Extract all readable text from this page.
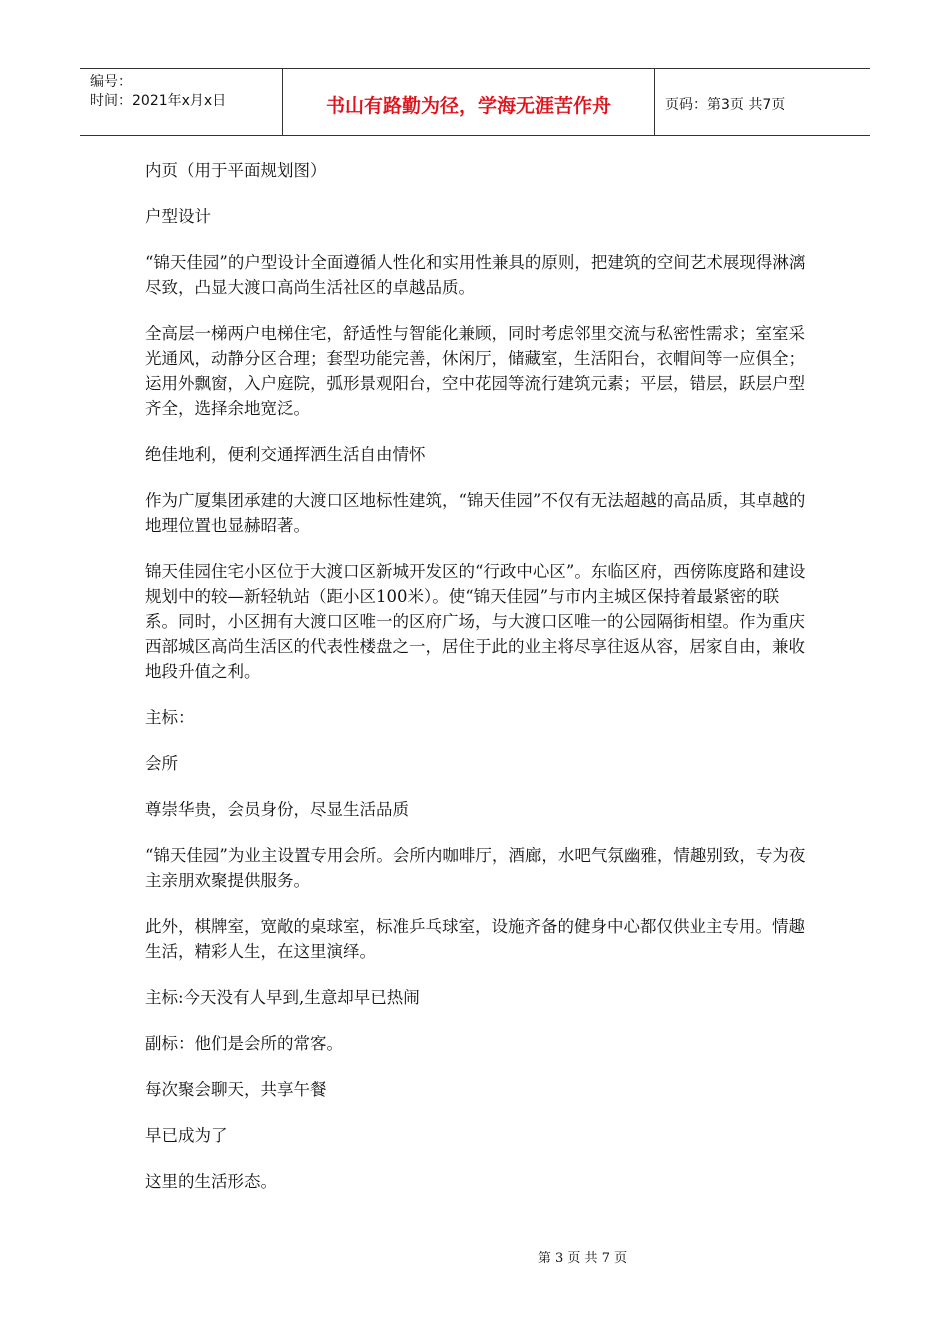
编号：
时间：2021年x月x日	书山有路勤为径，学海无涯苦作舟	页码：第3页 共7页

内页（用于平面规划图）

户型设计

“锦天佳园”的户型设计全面遵循人性化和实用性兼具的原则，把建筑的空间艺术展现得淋漓尽致，凸显大渡口高尚生活社区的卓越品质。

全高层一梯两户电梯住宅，舒适性与智能化兼顾，同时考虑邻里交流与私密性需求；室室采光通风，动静分区合理；套型功能完善，休闲厅，储藏室，生活阳台，衣帽间等一应俱全；运用外飘窗，入户庭院，弧形景观阳台，空中花园等流行建筑元素；平层，错层，跃层户型齐全，选择余地宽泛。

绝佳地利，便利交通挥洒生活自由情怀

作为广厦集团承建的大渡口区地标性建筑，“锦天佳园”不仅有无法超越的高品质，其卓越的地理位置也显赫昭著。

锦天佳园住宅小区位于大渡口区新城开发区的“行政中心区”。东临区府，西傍陈度路和建设规划中的较—新轻轨站（距小区100米）。使“锦天佳园”与市内主城区保持着最紧密的联系。同时，小区拥有大渡口区唯一的区府广场，与大渡口区唯一的公园隔街相望。作为重庆西部城区高尚生活区的代表性楼盘之一，居住于此的业主将尽享往返从容，居家自由，兼收地段升值之利。

主标：

会所

尊崇华贵，会员身份，尽显生活品质

“锦天佳园”为业主设置专用会所。会所内咖啡厅，酒廊，水吧气氛幽雅，情趣别致，专为夜主亲朋欢聚提供服务。

此外，棋牌室，宽敞的桌球室，标准乒乓球室，设施齐备的健身中心都仅供业主专用。情趣生活，精彩人生，在这里演绎。

主标:今天没有人早到,生意却早已热闹

副标：他们是会所的常客。

每次聚会聊天，共享午餐

早已成为了

这里的生活形态。

第 3 页 共 7 页
